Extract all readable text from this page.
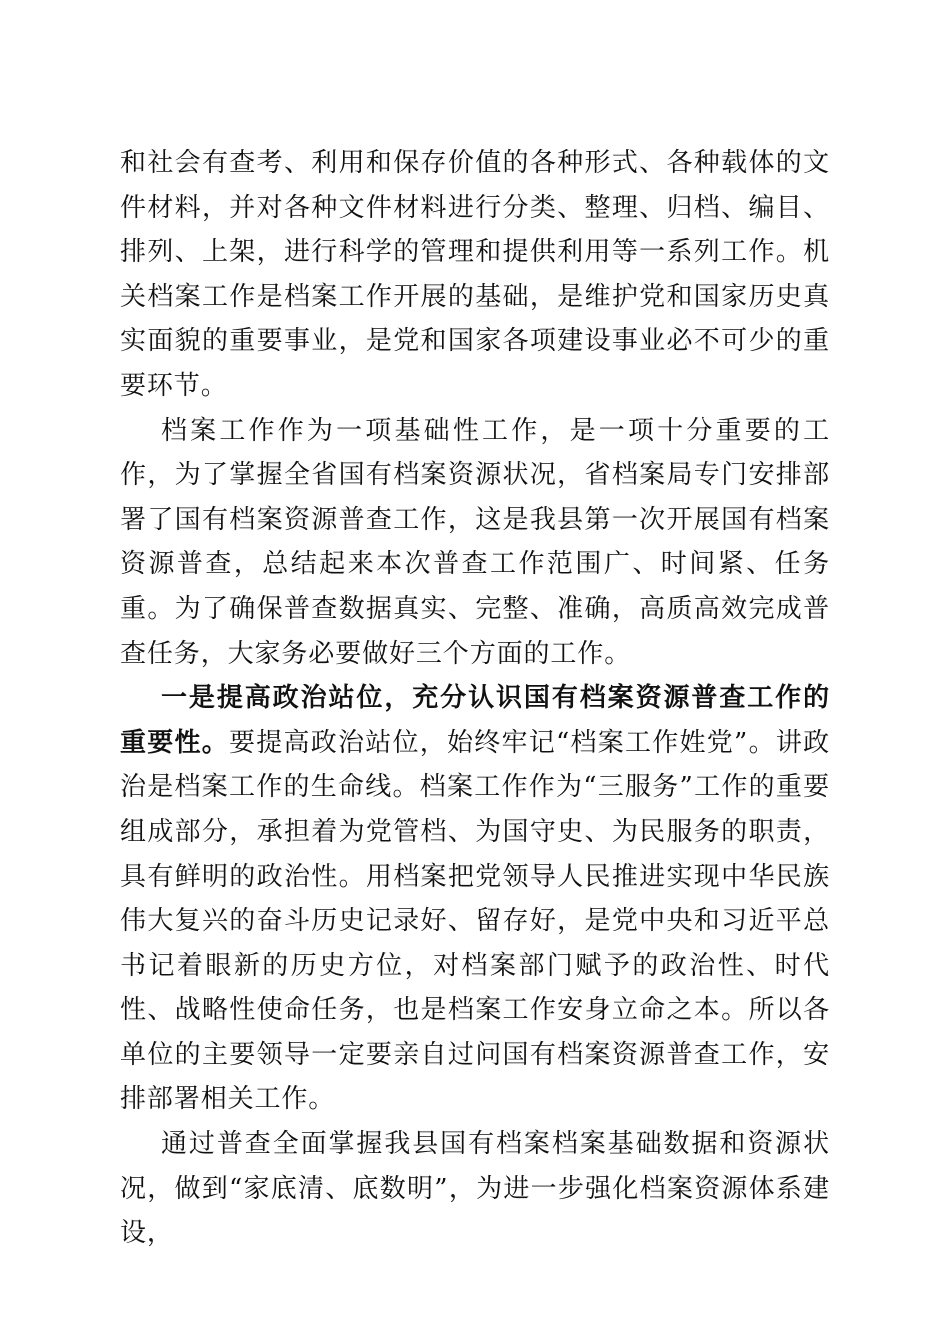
和社会有查考、利用和保存价值的各种形式、各种载体的文件材料，并对各种文件材料进行分类、整理、归档、编目、排列、上架，进行科学的管理和提供利用等一系列工作。机关档案工作是档案工作开展的基础，是维护党和国家历史真实面貌的重要事业，是党和国家各项建设事业必不可少的重要环节。

档案工作作为一项基础性工作，是一项十分重要的工作，为了掌握全省国有档案资源状况，省档案局专门安排部署了国有档案资源普查工作，这是我县第一次开展国有档案资源普查，总结起来本次普查工作范围广、时间紧、任务重。为了确保普查数据真实、完整、准确，高质高效完成普查任务，大家务必要做好三个方面的工作。

一是提高政治站位，充分认识国有档案资源普查工作的重要性。要提高政治站位，始终牢记“档案工作姓党”。讲政治是档案工作的生命线。档案工作作为“三服务”工作的重要组成部分，承担着为党管档、为国守史、为民服务的职责，具有鲜明的政治性。用档案把党领导人民推进实现中华民族伟大复兴的奋斗历史记录好、留存好，是党中央和习近平总书记着眼新的历史方位，对档案部门赋予的政治性、时代性、战略性使命任务，也是档案工作安身立命之本。所以各单位的主要领导一定要亲自过问国有档案资源普查工作，安排部署相关工作。

通过普查全面掌握我县国有档案档案基础数据和资源状况，做到“家底清、底数明”，为进一步强化档案资源体系建设，
